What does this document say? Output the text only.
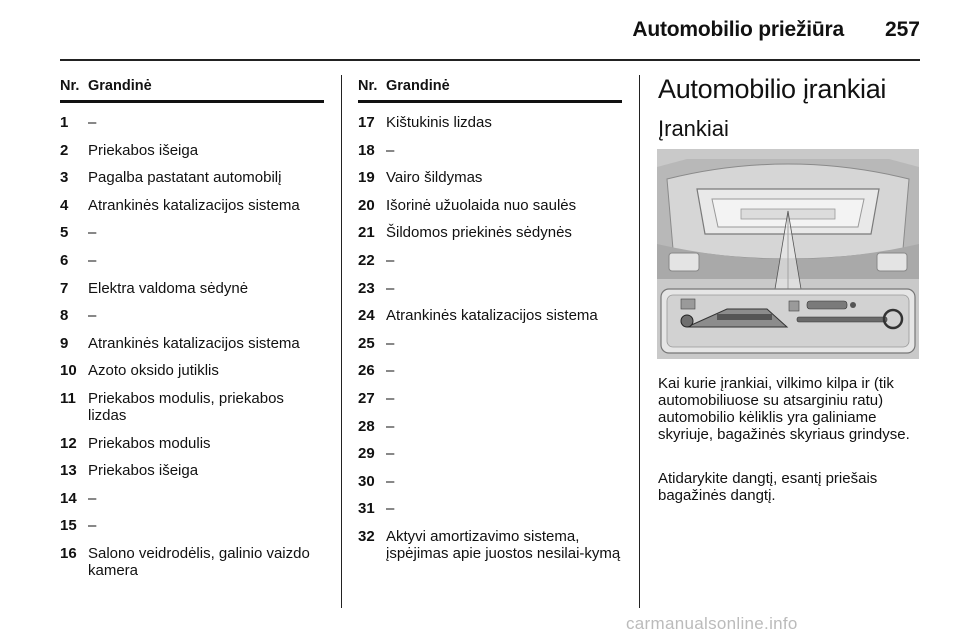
Automobilio priežiūra 257
Nr. Grandinė
1	–
2	Priekabos išeiga
3	Pagalba pastatant automobilį
4	Atrankinės katalizacijos sistema
5	–
6	–
7	Elektra valdoma sėdynė
8	–
9	Atrankinės katalizacijos sistema
10 Azoto oksido jutiklis
11 Priekabos modulis, priekabos lizdas
12 Priekabos modulis
13 Priekabos išeiga
14 –
15 –
16 Salono veidrodėlis, galinio vaizdo kamera
Nr. Grandinė
17 Kištukinis lizdas
18 –
19 Vairo šildymas
20 Išorinė užuolaida nuo saulės
21 Šildomos priekinės sėdynės
22 –
23 –
24 Atrankinės katalizacijos sistema
25 –
26 –
27 –
28 –
29 –
30 –
31 –
32 Aktyvi amortizavimo sistema, įspėjimas apie juostos nesilai-kymą
Automobilio įrankiai
Įrankiai

Kai kurie įrankiai, vilkimo kilpa ir (tik automobiliuose su atsarginiu ratu) automobilio kėliklis yra galiniame skyriuje, bagažinės skyriaus grindyse.

Atidarykite dangtį, esantį priešais bagažinės dangtį.

carmanualsonline.info
